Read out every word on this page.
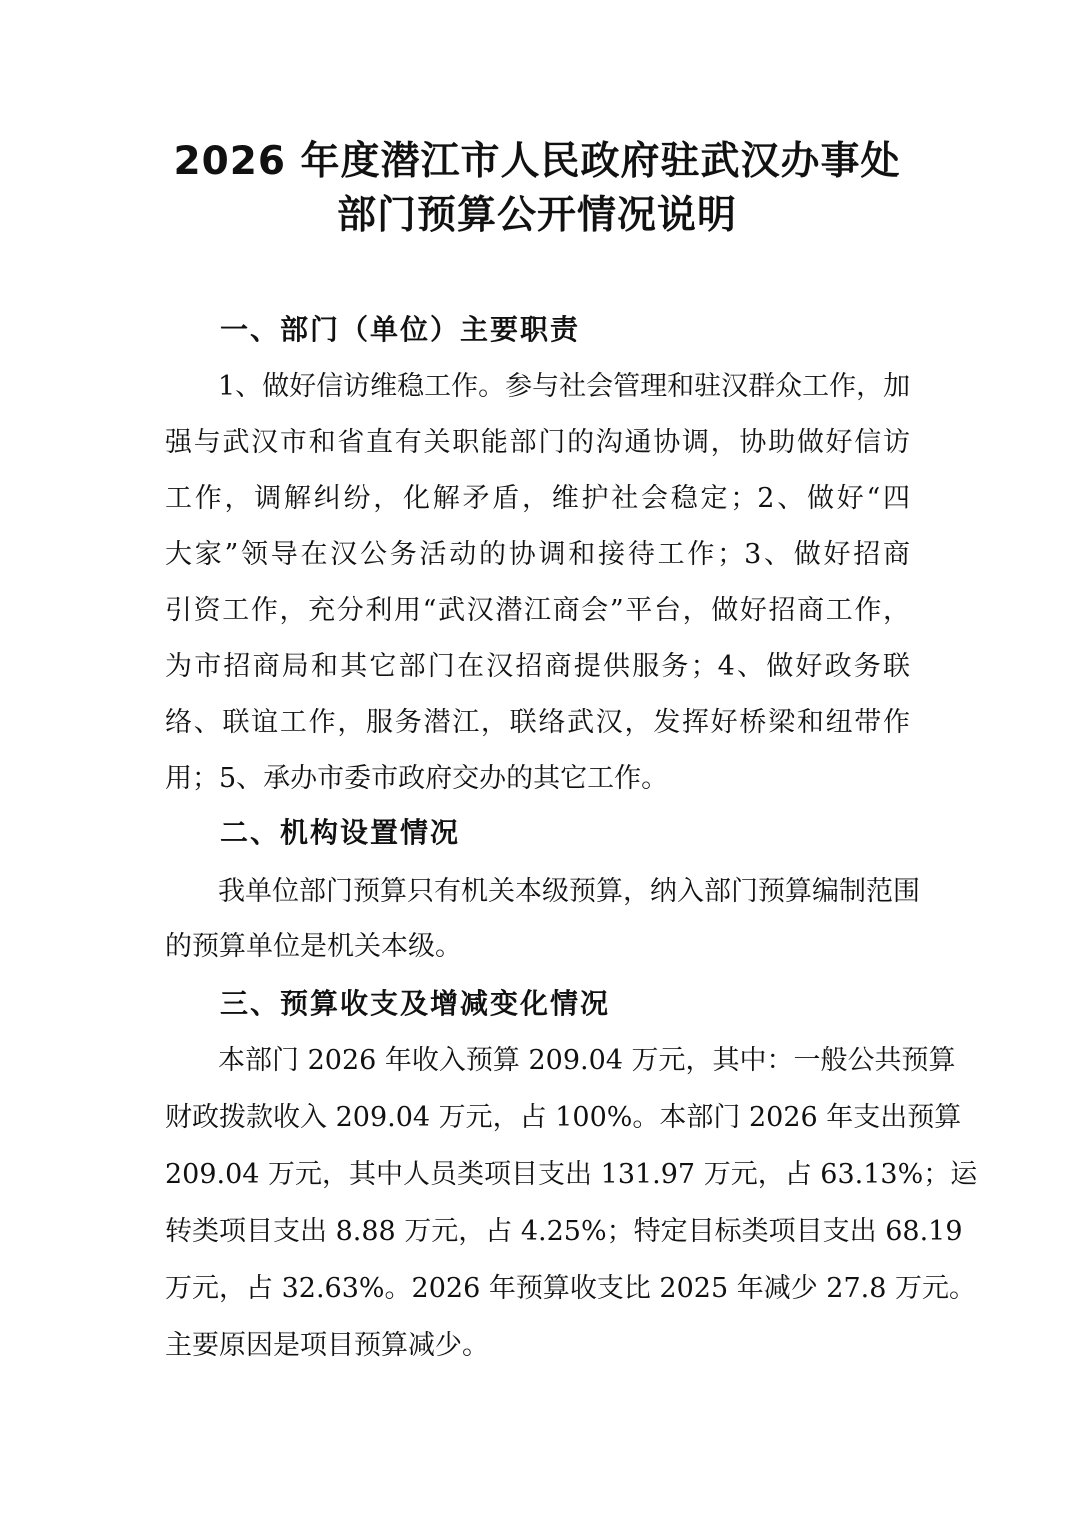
2026 年度潜江市人民政府驻武汉办事处
部门预算公开情况说明
一、部门（单位）主要职责
1、做好信访维稳工作。参与社会管理和驻汉群众工作，加
强与武汉市和省直有关职能部门的沟通协调，协助做好信访
工作，调解纠纷，化解矛盾，维护社会稳定；2、做好“四
大家”领导在汉公务活动的协调和接待工作；3、做好招商
引资工作，充分利用“武汉潜江商会”平台，做好招商工作，
为市招商局和其它部门在汉招商提供服务；4、做好政务联
络、联谊工作，服务潜江，联络武汉，发挥好桥梁和纽带作
用；5、承办市委市政府交办的其它工作。
二、机构设置情况
我单位部门预算只有机关本级预算，纳入部门预算编制范围
的预算单位是机关本级。
三、预算收支及增减变化情况
本部门 2026 年收入预算 209.04 万元，其中：一般公共预算
财政拨款收入 209.04 万元，占 100%。本部门 2026 年支出预算
209.04 万元，其中人员类项目支出 131.97 万元，占 63.13%；运
转类项目支出 8.88 万元，占 4.25%；特定目标类项目支出 68.19
万元，占 32.63%。2026 年预算收支比 2025 年减少 27.8 万元。
主要原因是项目预算减少。
